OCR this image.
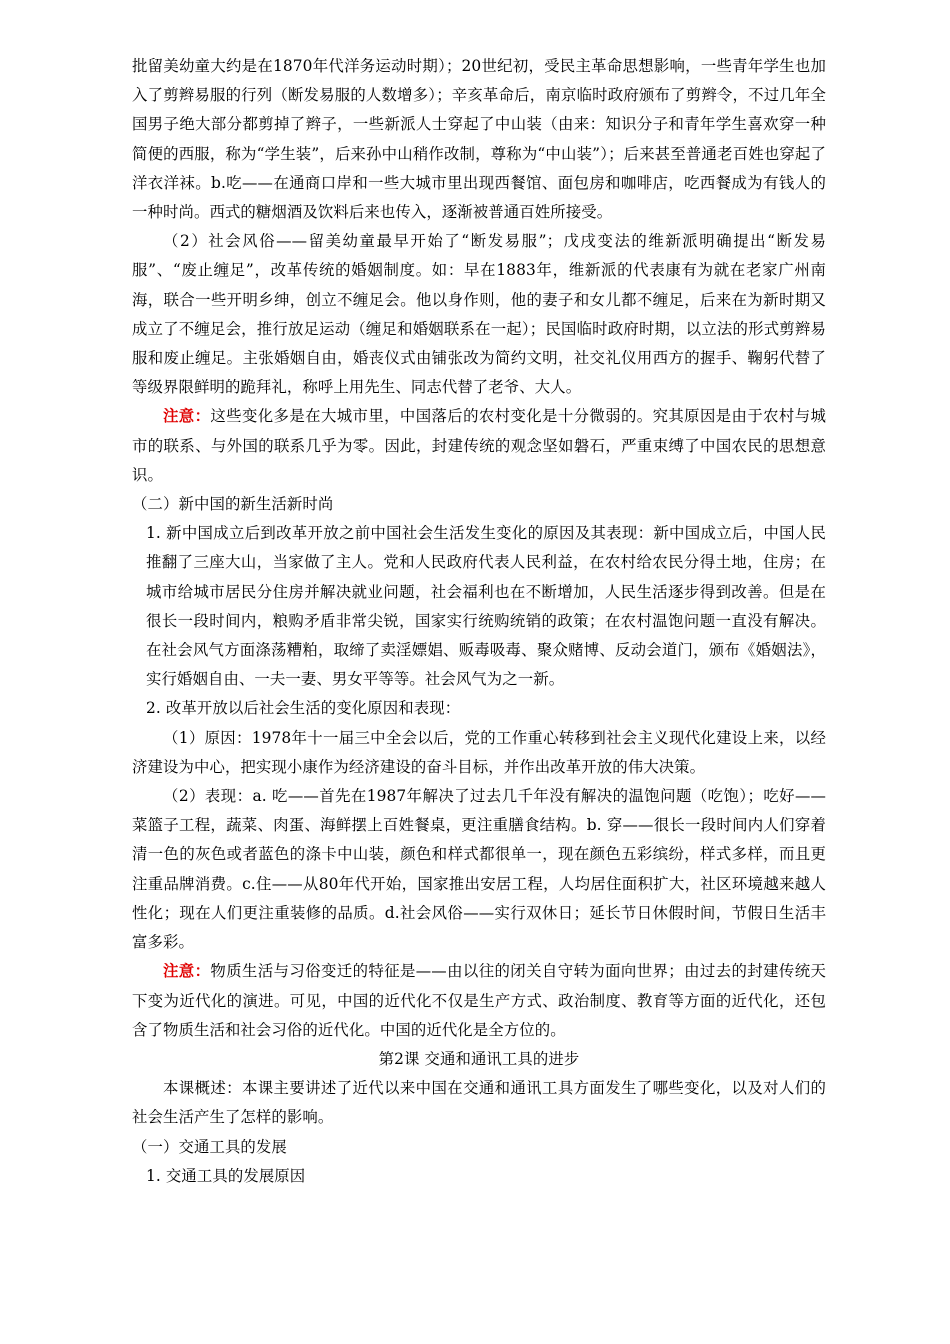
批留美幼童大约是在1870年代洋务运动时期）；20世纪初，受民主革命思想影响，一些青年学生也加入了剪辫易服的行列（断发易服的人数增多）；辛亥革命后，南京临时政府颁布了剪辫令，不过几年全国男子绝大部分都剪掉了辫子，一些新派人士穿起了中山装（由来：知识分子和青年学生喜欢穿一种简便的西服，称为“学生装”，后来孙中山稍作改制，尊称为“中山装”）；后来甚至普通老百姓也穿起了洋衣洋袜。b.吃——在通商口岸和一些大城市里出现西餐馆、面包房和咖啡店，吃西餐成为有钱人的一种时尚。西式的糖烟酒及饮料后来也传入，逐渐被普通百姓所接受。

（2）社会风俗——留美幼童最早开始了“断发易服”；戊戌变法的维新派明确提出“断发易服”、“废止缠足”，改革传统的婚姻制度。如：早在1883年，维新派的代表康有为就在老家广州南海，联合一些开明乡绅，创立不缠足会。他以身作则，他的妻子和女儿都不缠足，后来在为新时期又成立了不缠足会，推行放足运动（缠足和婚姻联系在一起）；民国临时政府时期，以立法的形式剪辫易服和废止缠足。主张婚姻自由，婚丧仪式由铺张改为简约文明，社交礼仪用西方的握手、鞠躬代替了等级界限鲜明的跪拜礼，称呼上用先生、同志代替了老爷、大人。

注意：这些变化多是在大城市里，中国落后的农村变化是十分微弱的。究其原因是由于农村与城市的联系、与外国的联系几乎为零。因此，封建传统的观念坚如磐石，严重束缚了中国农民的思想意识。

（二）新中国的新生活新时尚

1. 新中国成立后到改革开放之前中国社会生活发生变化的原因及其表现：新中国成立后，中国人民推翻了三座大山，当家做了主人。党和人民政府代表人民利益，在农村给农民分得土地，住房；在城市给城市居民分住房并解决就业问题，社会福利也在不断增加，人民生活逐步得到改善。但是在很长一段时间内，粮购矛盾非常尖锐，国家实行统购统销的政策；在农村温饱问题一直没有解决。在社会风气方面涤荡糟粕，取缔了卖淫嫖娼、贩毒吸毒、聚众赌博、反动会道门，颁布《婚姻法》，实行婚姻自由、一夫一妻、男女平等等。社会风气为之一新。

2. 改革开放以后社会生活的变化原因和表现：

（1）原因：1978年十一届三中全会以后，党的工作重心转移到社会主义现代化建设上来，以经济建设为中心，把实现小康作为经济建设的奋斗目标，并作出改革开放的伟大决策。

（2）表现：a. 吃——首先在1987年解决了过去几千年没有解决的温饱问题（吃饱）；吃好——菜篮子工程，蔬菜、肉蛋、海鲜摆上百姓餐桌，更注重膳食结构。b. 穿——很长一段时间内人们穿着清一色的灰色或者蓝色的涤卡中山装，颜色和样式都很单一，现在颜色五彩缤纷，样式多样，而且更注重品牌消费。c.住——从80年代开始，国家推出安居工程，人均居住面积扩大，社区环境越来越人性化；现在人们更注重装修的品质。d.社会风俗——实行双休日；延长节日休假时间，节假日生活丰富多彩。

注意：物质生活与习俗变迁的特征是——由以往的闭关自守转为面向世界；由过去的封建传统天下变为近代化的演进。可见，中国的近代化不仅是生产方式、政治制度、教育等方面的近代化，还包含了物质生活和社会习俗的近代化。中国的近代化是全方位的。

第2课 交通和通讯工具的进步

本课概述：本课主要讲述了近代以来中国在交通和通讯工具方面发生了哪些变化，以及对人们的社会生活产生了怎样的影响。

（一）交通工具的发展

1. 交通工具的发展原因
